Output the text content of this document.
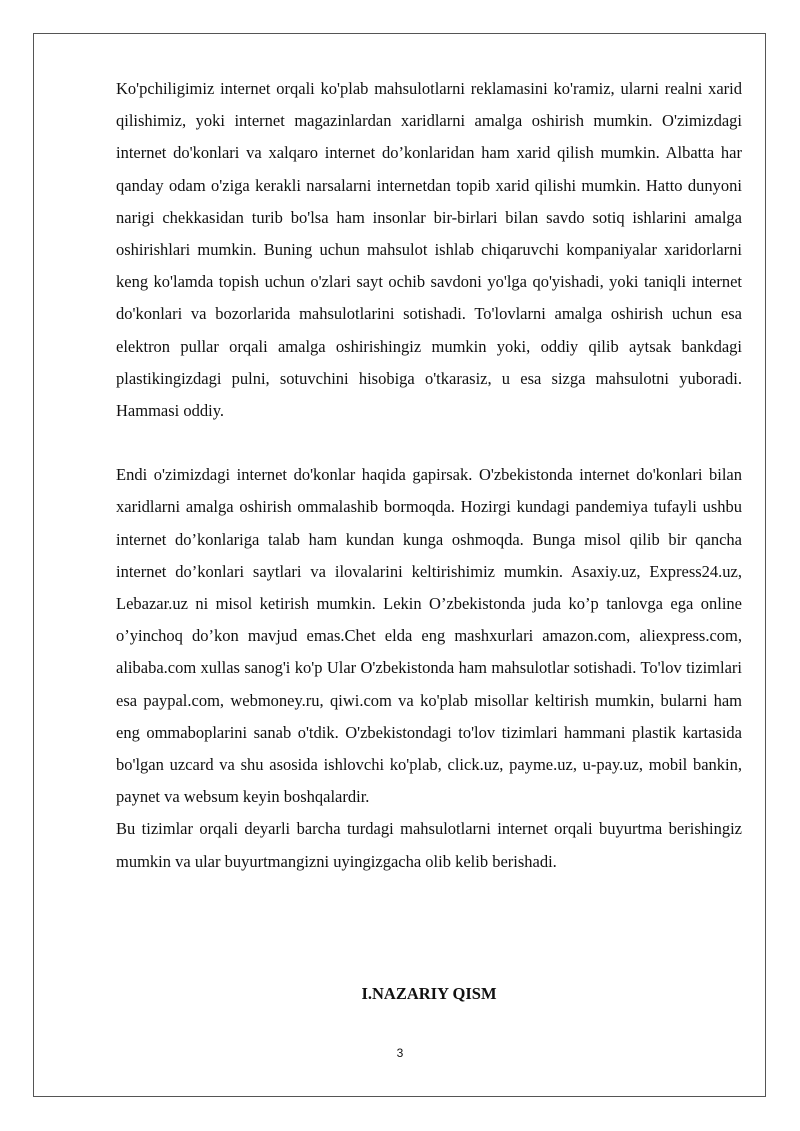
Ko'pchiligimiz internet orqali ko'plab mahsulotlarni reklamasini ko'ramiz, ularni realni xarid qilishimiz, yoki internet magazinlardan xaridlarni amalga oshirish mumkin. O'zimizdagi internet do'konlari va xalqaro internet do’konlaridan ham xarid qilish mumkin. Albatta har qanday odam o'ziga kerakli narsalarni internetdan topib xarid qilishi mumkin. Hatto dunyoni narigi chekkasidan turib bo'lsa ham insonlar bir-birlari bilan savdo sotiq ishlarini amalga oshirishlari mumkin. Buning uchun mahsulot ishlab chiqaruvchi kompaniyalar xaridorlarni keng ko'lamda topish uchun o'zlari sayt ochib savdoni yo'lga qo'yishadi, yoki taniqli internet do'konlari va bozorlarida mahsulotlarini sotishadi. To'lovlarni amalga oshirish uchun esa elektron pullar orqali amalga oshirishingiz mumkin yoki, oddiy qilib aytsak bankdagi plastikingizdagi pulni, sotuvchini hisobiga o'tkarasiz, u esa sizga mahsulotni yuboradi. Hammasi oddiy.

Endi o'zimizdagi internet do'konlar haqida gapirsak. O'zbekistonda internet do'konlari bilan xaridlarni amalga oshirish ommalashib bormoqda. Hozirgi kundagi pandemiya tufayli ushbu internet do’konlariga talab ham kundan kunga oshmoqda. Bunga misol qilib bir qancha internet do’konlari saytlari va ilovalarini keltirishimiz mumkin. Asaxiy.uz, Express24.uz, Lebazar.uz ni misol ketirish mumkin. Lekin O’zbekistonda juda ko’p tanlovga ega online o’yinchoq do’kon mavjud emas.Chet elda eng mashxurlari amazon.com, aliexpress.com, alibaba.com xullas sanog'i ko'p Ular O'zbekistonda ham mahsulotlar sotishadi. To'lov tizimlari esa paypal.com, webmoney.ru, qiwi.com va ko'plab misollar keltirish mumkin, bularni ham eng ommaboplarini sanab o'tdik. O'zbekistondagi to'lov tizimlari hammani plastik kartasida bo'lgan uzcard va shu asosida ishlovchi ko'plab, click.uz, payme.uz, u-pay.uz, mobil bankin, paynet va websum keyin boshqalardir.

Bu tizimlar orqali deyarli barcha turdagi mahsulotlarni internet orqali buyurtma berishingiz mumkin va ular buyurtmangizni uyingizgacha olib kelib berishadi.

I.NAZARIY QISM
3
